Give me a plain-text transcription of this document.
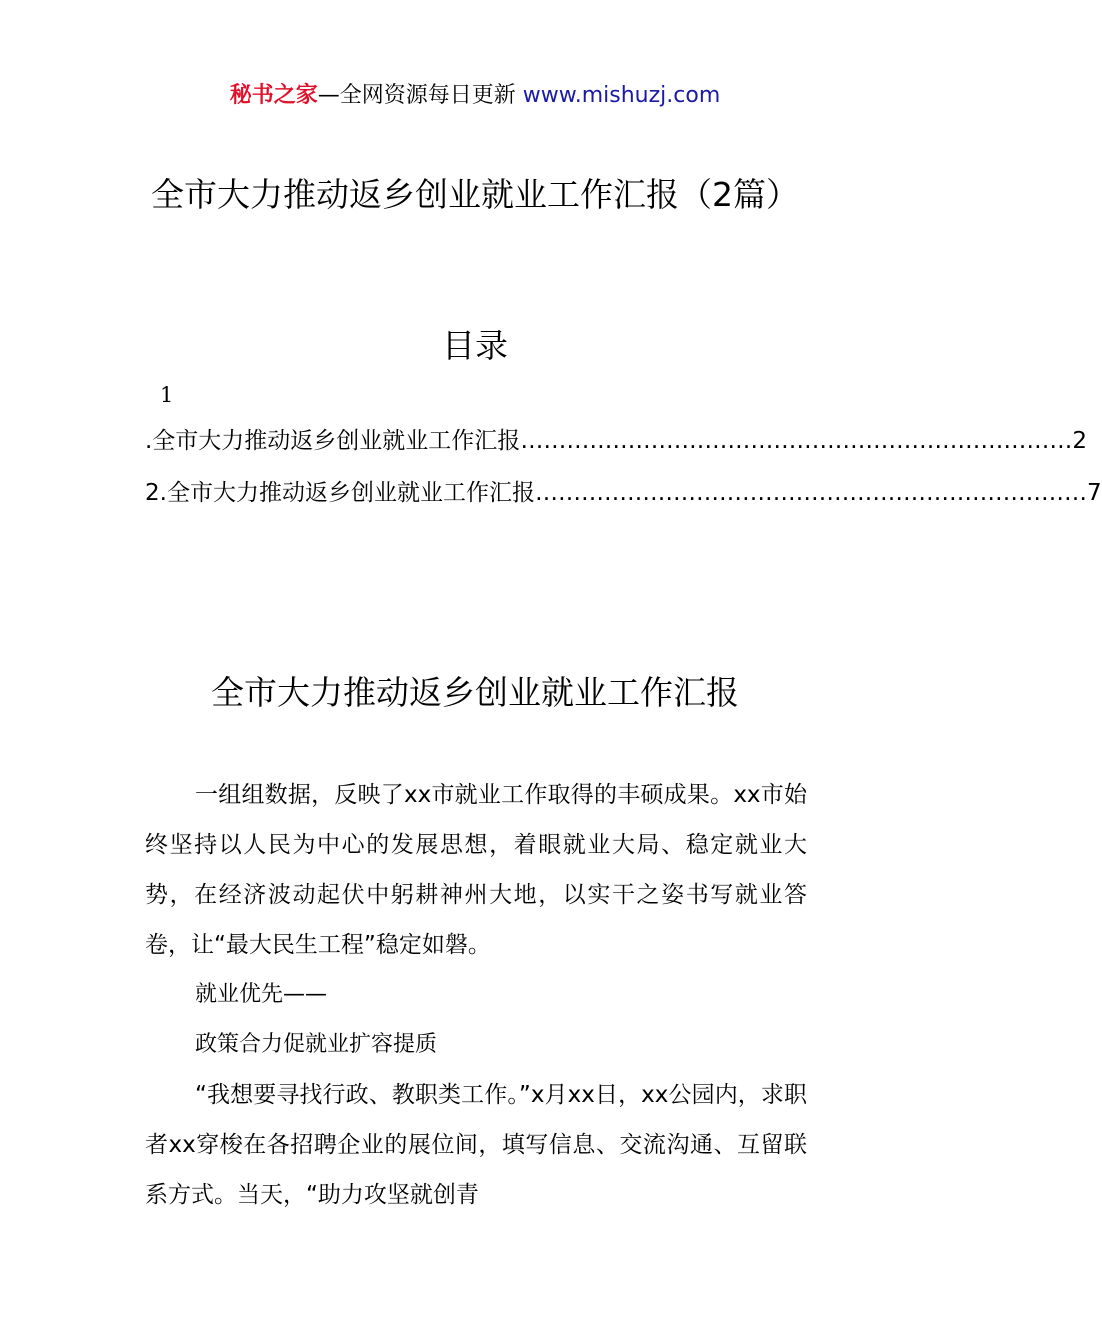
秘书之家—全网资源每日更新 www.mishuzj.com
全市大力推动返乡创业就业工作汇报（2篇）
目录
1
.全市大力推动返乡创业就业工作汇报 ……………………………………………………………… 2
2.全市大力推动返乡创业就业工作汇报 ……………………………………………………………… 7
全市大力推动返乡创业就业工作汇报

一组组数据，反映了xx市就业工作取得的丰硕成果。xx市始终坚持以人民为中心的发展思想，着眼就业大局、稳定就业大势，在经济波动起伏中躬耕神州大地，以实干之姿书写就业答卷，让“最大民生工程”稳定如磐。

就业优先——

政策合力促就业扩容提质

“我想要寻找行政、教职类工作。”x月xx日，xx公园内，求职者xx穿梭在各招聘企业的展位间，填写信息、交流沟通、互留联系方式。当天，“助力攻坚就创青
